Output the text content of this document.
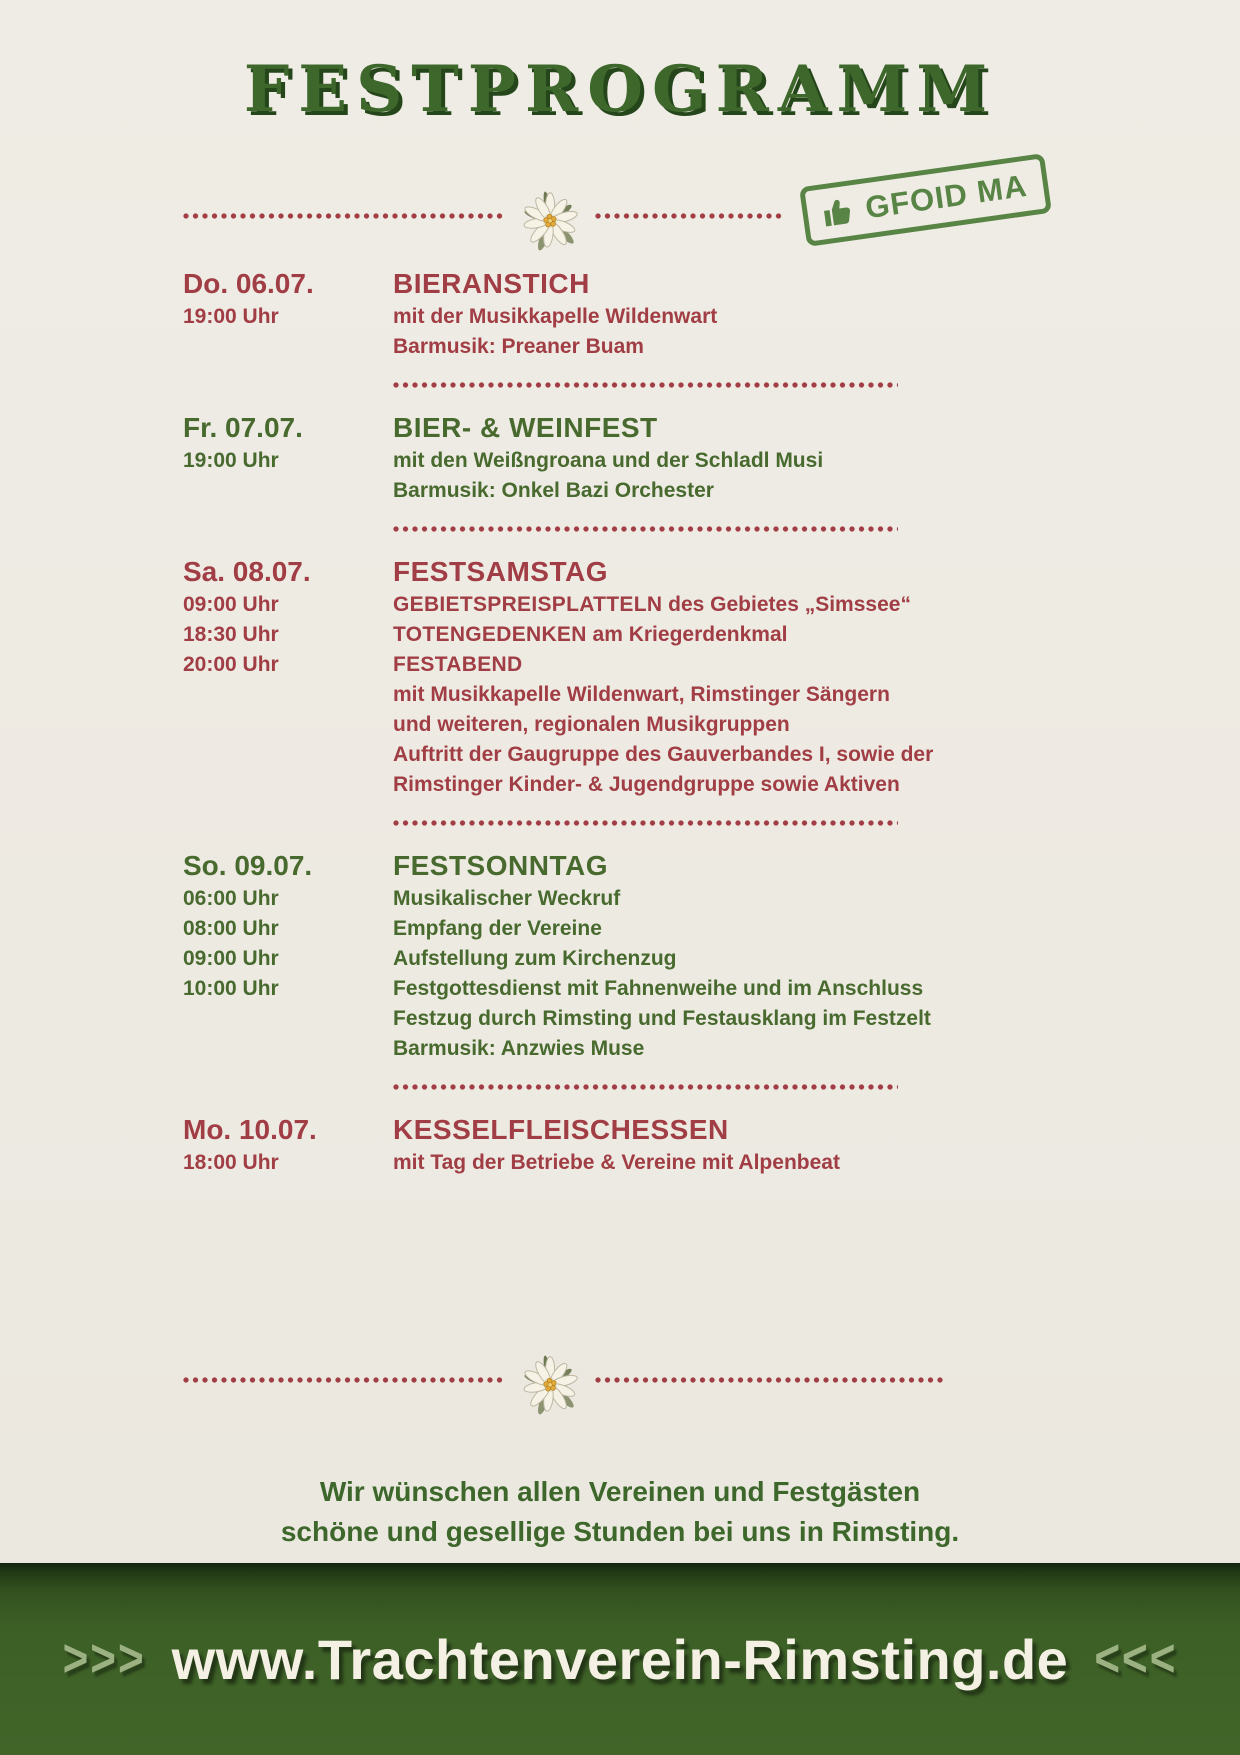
FESTPROGRAMM
GFOID MA
Do. 06.07.
19:00 Uhr
BIERANSTICH
mit der Musikkapelle Wildenwart
Barmusik: Preaner Buam
Fr. 07.07.
19:00 Uhr
BIER- & WEINFEST
mit den Weißngroana und der Schladl Musi
Barmusik: Onkel Bazi Orchester
Sa. 08.07.
09:00 Uhr
18:30 Uhr
20:00 Uhr
FESTSAMSTAG
GEBIETSPREISPLATTELN des Gebietes „Simssee“
TOTENGEDENKEN am Kriegerdenkmal
FESTABEND
mit Musikkapelle Wildenwart, Rimstinger Sängern
und weiteren, regionalen Musikgruppen
Auftritt der Gaugruppe des Gauverbandes I, sowie der
Rimstinger Kinder- & Jugendgruppe sowie Aktiven
So. 09.07.
06:00 Uhr
08:00 Uhr
09:00 Uhr
10:00 Uhr
FESTSONNTAG
Musikalischer Weckruf
Empfang der Vereine
Aufstellung zum Kirchenzug
Festgottesdienst mit Fahnenweihe und im Anschluss
Festzug durch Rimsting und Festausklang im Festzelt
Barmusik: Anzwies Muse
Mo. 10.07.
18:00 Uhr
KESSELFLEISCHESSEN
mit Tag der Betriebe & Vereine mit Alpenbeat
Wir wünschen allen Vereinen und Festgästen
schöne und gesellige Stunden bei uns in Rimsting.
>>> www.Trachtenverein-Rimsting.de <<<
